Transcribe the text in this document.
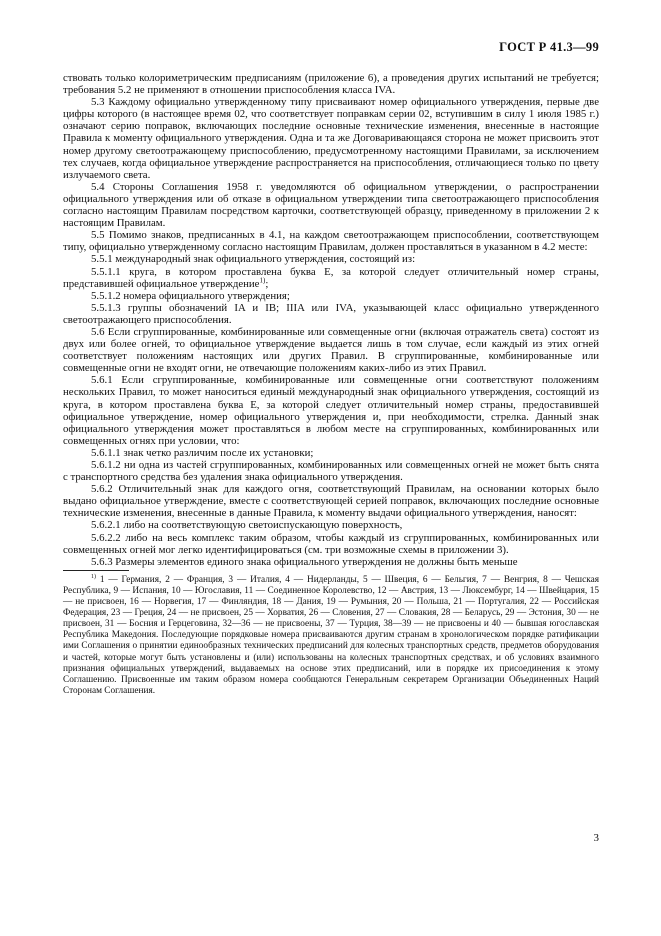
ГОСТ Р 41.3—99

ствовать только колориметрическим предписаниям (приложение 6), а проведения других испытаний не требуется; требования 5.2 не применяют в отношении приспособления класса IVA.

5.3 Каждому официально утвержденному типу присваивают номер официального утверждения, первые две цифры которого (в настоящее время 02, что соответствует поправкам серии 02, вступившим в силу 1 июля 1985 г.) означают серию поправок, включающих последние основные технические изменения, внесенные в настоящие Правила к моменту официального утверждения. Одна и та же Договаривающаяся сторона не может присвоить этот номер другому светоотражающему приспособлению, предусмотренному настоящими Правилами, за исключением тех случаев, когда официальное утверждение распространяется на приспособления, отличающиеся только по цвету излучаемого света.

5.4 Стороны Соглашения 1958 г. уведомляются об официальном утверждении, о распространении официального утверждения или об отказе в официальном утверждении типа светоотражающего приспособления согласно настоящим Правилам посредством карточки, соответствующей образцу, приведенному в приложении 2 к настоящим Правилам.

5.5 Помимо знаков, предписанных в 4.1, на каждом светоотражающем приспособлении, соответствующем типу, официально утвержденному согласно настоящим Правилам, должен проставляться в указанном в 4.2 месте:

5.5.1 международный знак официального утверждения, состоящий из:

5.5.1.1 круга, в котором проставлена буква Е, за которой следует отличительный номер страны, представившей официальное утверждение$^{1)}$;

5.5.1.2 номера официального утверждения;

5.5.1.3 группы обозначений IA и IB; IIIA или IVA, указывающей класс официально утвержденного светоотражающего приспособления.

5.6 Если сгруппированные, комбинированные или совмещенные огни (включая отражатель света) состоят из двух или более огней, то официальное утверждение выдается лишь в том случае, если каждый из этих огней соответствует положениям настоящих или других Правил. В сгруппированные, комбинированные или совмещенные огни не входят огни, не отвечающие положениям каких-либо из этих Правил.

5.6.1 Если сгруппированные, комбинированные или совмещенные огни соответствуют положениям нескольких Правил, то может наноситься единый международный знак официального утверждения, состоящий из круга, в котором проставлена буква Е, за которой следует отличительный номер страны, предоставившей официальное утверждение, номер официального утверждения и, при необходимости, стрелка. Данный знак официального утверждения может проставляться в любом месте на сгруппированных, комбинированных или совмещенных огнях при условии, что:

5.6.1.1 знак четко различим после их установки;

5.6.1.2 ни одна из частей сгруппированных, комбинированных или совмещенных огней не может быть снята с транспортного средства без удаления знака официального утверждения.

5.6.2 Отличительный знак для каждого огня, соответствующий Правилам, на основании которых было выдано официальное утверждение, вместе с соответствующей серией поправок, включающих последние основные технические изменения, внесенные в данные Правила, к моменту выдачи официального утверждения, наносят:

5.6.2.1 либо на соответствующую светоиспускающую поверхность,

5.6.2.2 либо на весь комплекс таким образом, чтобы каждый из сгруппированных, комбинированных или совмещенных огней мог легко идентифицироваться (см. три возможные схемы в приложении 3).

5.6.3 Размеры элементов единого знака официального утверждения не должны быть меньше

$^{1)}$ 1 — Германия, 2 — Франция, 3 — Италия, 4 — Нидерланды, 5 — Швеция, 6 — Бельгия, 7 — Венгрия, 8 — Чешская Республика, 9 — Испания, 10 — Югославия, 11 — Соединенное Королевство, 12 — Австрия, 13 — Люксембург, 14 — Швейцария, 15 — не присвоен, 16 — Норвегия, 17 — Финляндия, 18 — Дания, 19 — Румыния, 20 — Польша, 21 — Португалия, 22 — Российская Федерация, 23 — Греция, 24 — не присвоен, 25 — Хорватия, 26 — Словения, 27 — Словакия, 28 — Беларусь, 29 — Эстония, 30 — не присвоен, 31 — Босния и Герцеговина, 32—36 — не присвоены, 37 — Турция, 38—39 — не присвоены и 40 — бывшая югославская Республика Македония. Последующие порядковые номера присваиваются другим странам в хронологическом порядке ратификации ими Соглашения о принятии единообразных технических предписаний для колесных транспортных средств, предметов оборудования и частей, которые могут быть установлены и (или) использованы на колесных транспортных средствах, и об условиях взаимного признания официальных утверждений, выдаваемых на основе этих предписаний, или в порядке их присоединения к этому Соглашению. Присвоенные им таким образом номера сообщаются Генеральным секретарем Организации Объединенных Наций Сторонам Соглашения.

3
